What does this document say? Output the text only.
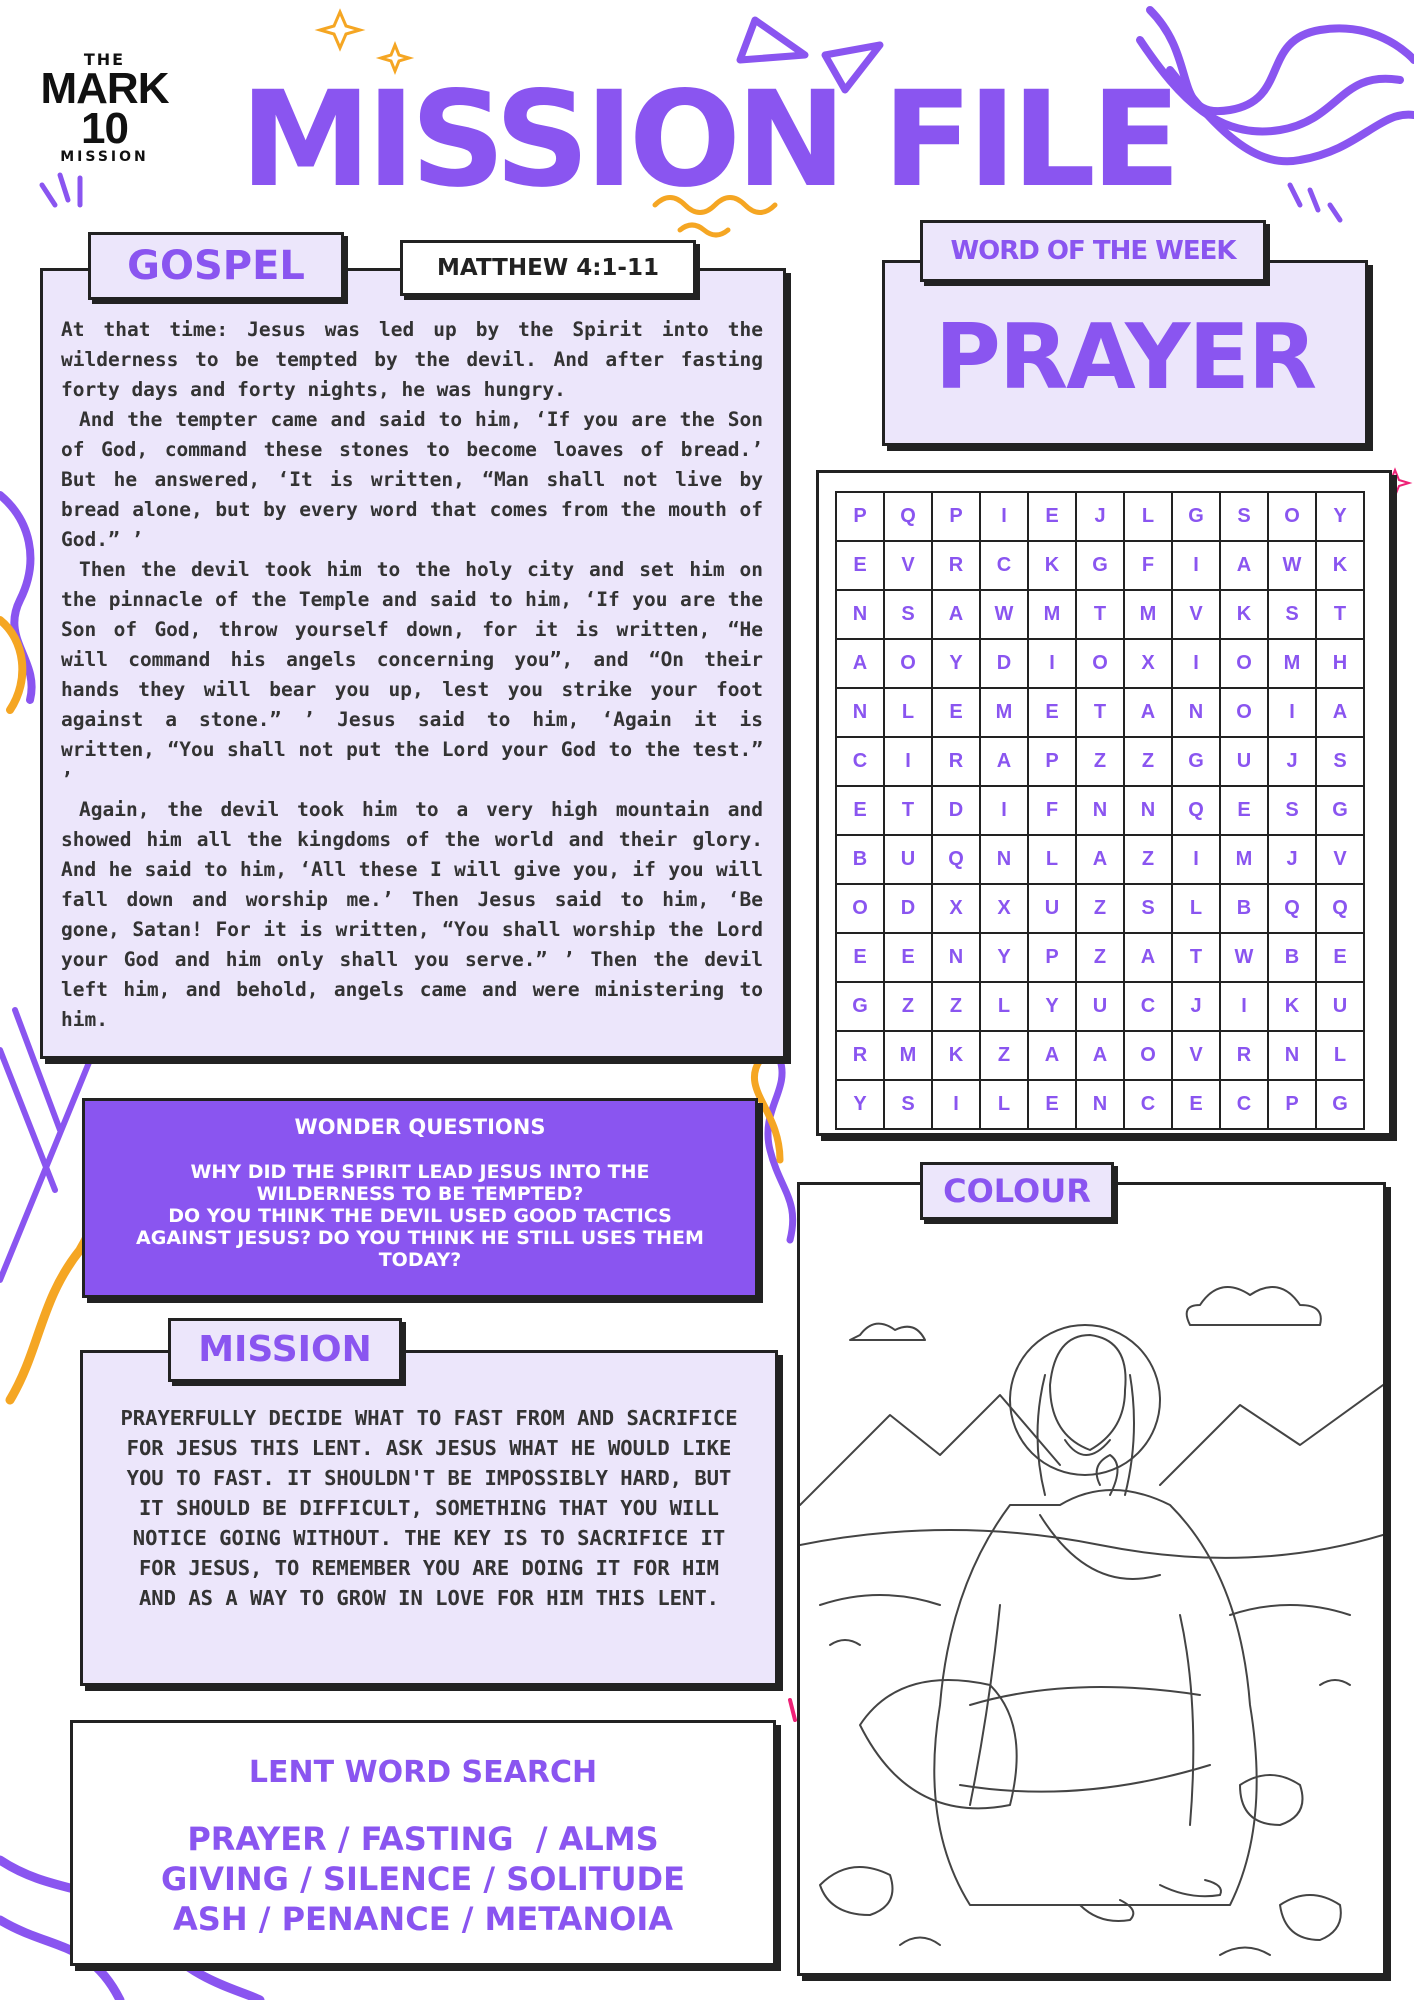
THE
MARK 10
MISSION MISSION FILE

At that time: Jesus was led up by the Spirit into the wilderness to be tempted by the devil. And after fasting forty days and forty nights, he was hungry.

And the tempter came and said to him, ‘If you are the Son of God, command these stones to become loaves of bread.’ But he answered, ‘It is written, “Man shall not live by bread alone, but by every word that comes from the mouth of God.” ’

Then the devil took him to the holy city and set him on the pinnacle of the Temple and said to him, ‘If you are the Son of God, throw yourself down, for it is written, “He will command his angels concerning you”, and “On their hands they will bear you up, lest you strike your foot against a stone.” ’ Jesus said to him, ‘Again it is written, “You shall not put the Lord your God to the test.” ’

Again, the devil took him to a very high mountain and showed him all the kingdoms of the world and their glory. And he said to him, ‘All these I will give you, if you will fall down and worship me.’ Then Jesus said to him, ‘Be gone, Satan! For it is written, “You shall worship the Lord your God and him only shall you serve.” ’ Then the devil left him, and behold, angels came and were ministering to him.

GOSPEL	MATTHEW 4:1-11
PRAYER
WORD OF THE WEEK
P	Q	P	I	E	J	L	G	S	O	Y
E	V	R	C	K	G	F	I	A	W	K
N	S	A	W	M	T	M	V	K	S	T
A	O	Y	D	I	O	X	I	O	M	H
N	L	E	M	E	T	A	N	O	I	A
C	I	R	A	P	Z	Z	G	U	J	S
E	T	D	I	F	N	N	Q	E	S	G
B	U	Q	N	L	A	Z	I	M	J	V
O	D	X	X	U	Z	S	L	B	Q	Q
E	E	N	Y	P	Z	A	T	W	B	E
G	Z	Z	L	Y	U	C	J	I	K	U
R	M	K	Z	A	A	O	V	R	N	L
Y	S	I	L	E	N	C	E	C	P	G
WONDER QUESTIONS
WHY DID THE SPIRIT LEAD JESUS INTO THE WILDERNESS TO BE TEMPTED?
DO YOU THINK THE DEVIL USED GOOD TACTICS AGAINST JESUS? DO YOU THINK HE STILL USES THEM TODAY?
PRAYERFULLY DECIDE WHAT TO FAST FROM AND SACRIFICE FOR JESUS THIS LENT. ASK JESUS WHAT HE WOULD LIKE YOU TO FAST. IT SHOULDN'T BE IMPOSSIBLY HARD, BUT IT SHOULD BE DIFFICULT, SOMETHING THAT YOU WILL NOTICE GOING WITHOUT. THE KEY IS TO SACRIFICE IT FOR JESUS, TO REMEMBER YOU ARE DOING IT FOR HIM AND AS A WAY TO GROW IN LOVE FOR HIM THIS LENT.
MISSION
LENT WORD SEARCH
PRAYER / FASTING  / ALMS
GIVING / SILENCE / SOLITUDE
ASH / PENANCE / METANOIA
COLOUR
